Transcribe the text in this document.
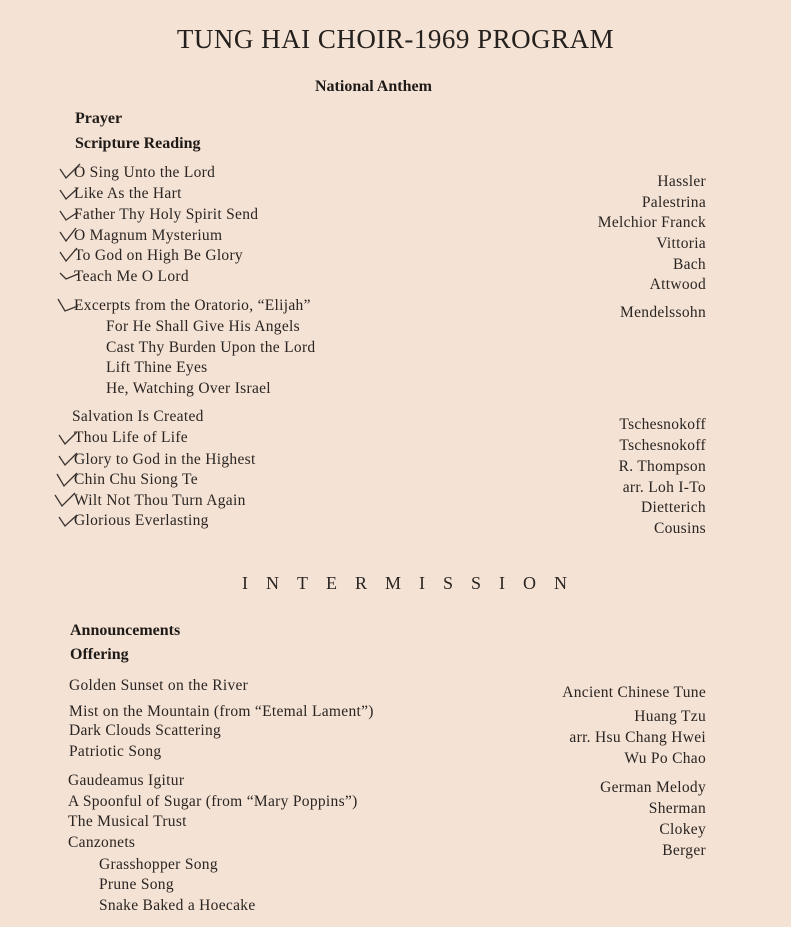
TUNG HAI CHOIR-1969 PROGRAM
National Anthem
Prayer
Scripture Reading
O Sing Unto the Lord
Like As the Hart
Father Thy Holy Spirit Send
O Magnum Mysterium
To God on High Be Glory
Teach Me O Lord
Hassler
Palestrina
Melchior Franck
Vittoria
Bach
Attwood
Excerpts from the Oratorio, “Elijah”	Mendelssohn
For He Shall Give His Angels
Cast Thy Burden Upon the Lord
Lift Thine Eyes
He, Watching Over Israel
Salvation Is Created
Thou Life of Life
Glory to God in the Highest
Chin Chu Siong Te
Wilt Not Thou Turn Again
Glorious Everlasting
Tschesnokoff
Tschesnokoff
R. Thompson
arr. Loh I-To
Dietterich
Cousins
INTERMISSION
Announcements
Offering
Golden Sunset on the River
Mist on the Mountain (from “Etemal Lament”)
Dark Clouds Scattering
Patriotic Song
Ancient Chinese Tune
Huang Tzu
arr. Hsu Chang Hwei
Wu Po Chao
Gaudeamus Igitur
A Spoonful of Sugar (from “Mary Poppins”)
The Musical Trust
Canzonets
German Melody
Sherman
Clokey
Berger
Grasshopper Song
Prune Song
Snake Baked a Hoecake
